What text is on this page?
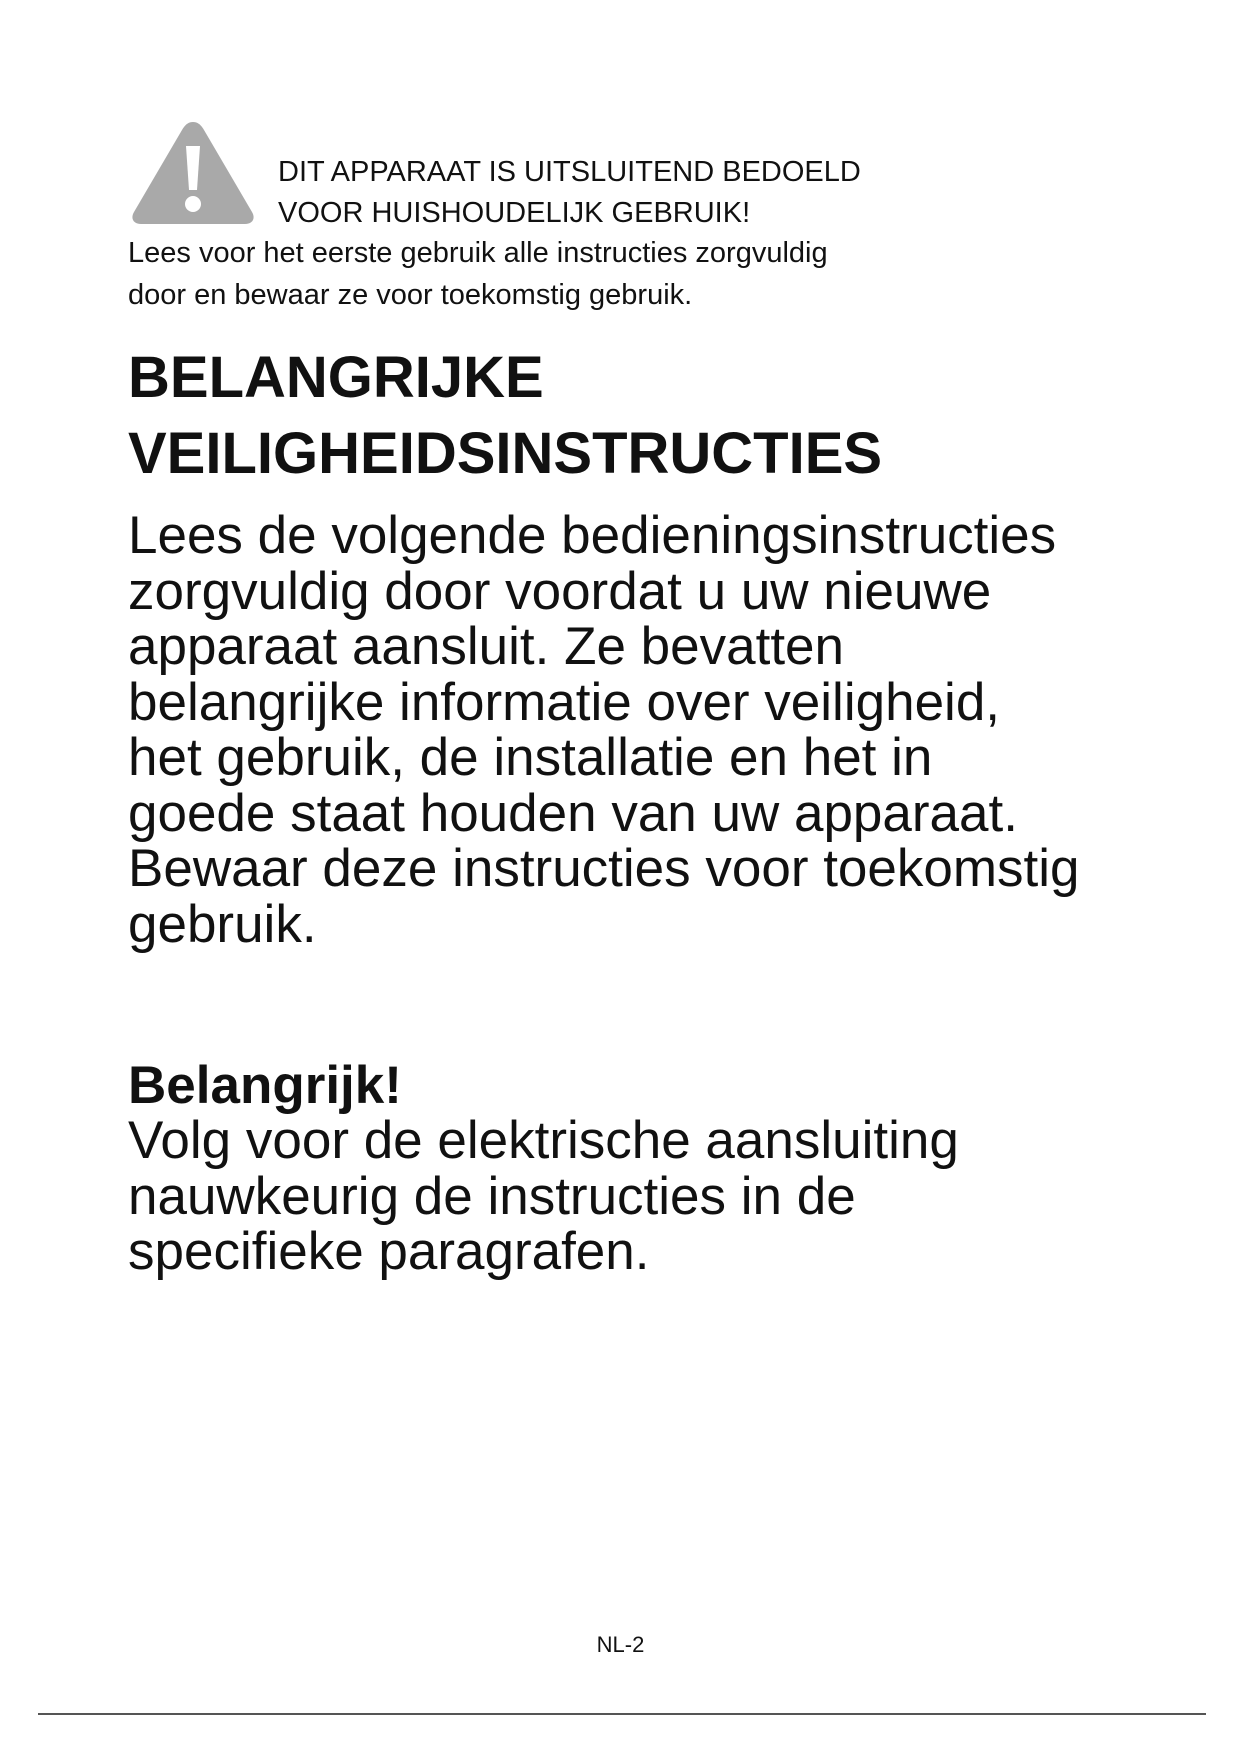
DIT APPARAAT IS UITSLUITEND BEDOELD
VOOR HUISHOUDELIJK GEBRUIK!
Lees voor het eerste gebruik alle instructies zorgvuldig
door en bewaar ze voor toekomstig gebruik.
BELANGRIJKE VEILIGHEIDSINSTRUCTIES

Lees de volgende bedieningsinstructies zorgvuldig door voordat u uw nieuwe apparaat aansluit. Ze bevatten belangrijke informatie over veiligheid, het gebruik, de installatie en het in goede staat houden van uw apparaat. Bewaar deze instructies voor toekomstig gebruik.

Belangrijk!

Volg voor de elektrische aansluiting nauwkeurig de instructies in de specifieke paragrafen.

NL-2
